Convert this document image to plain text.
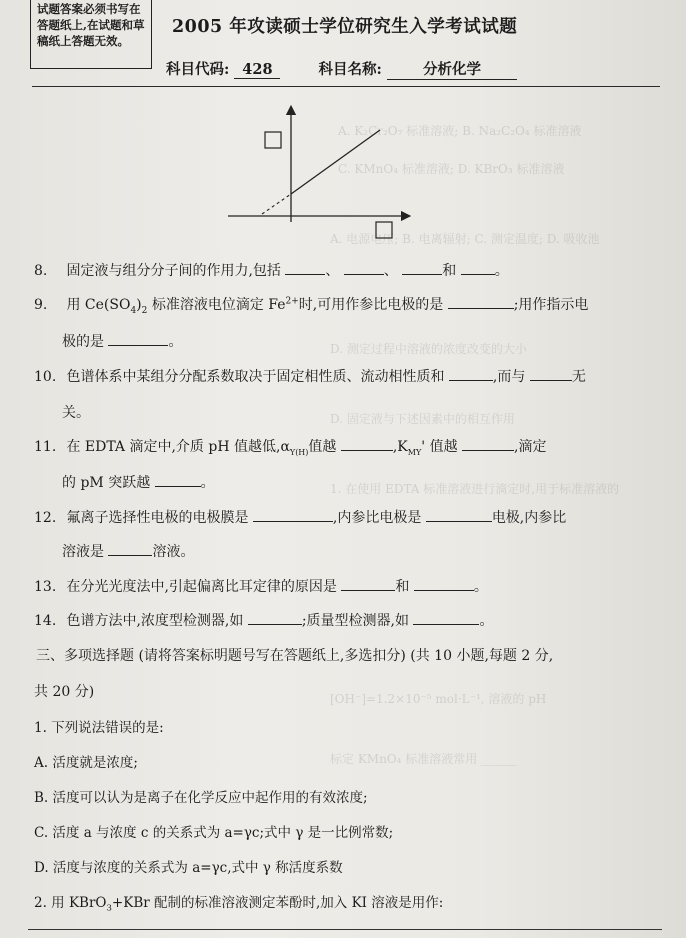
A. K₂Cr₂O₇ 标准溶液; B. Na₂C₂O₄ 标准溶液
C. KMnO₄ 标准溶液; D. KBrO₃ 标准溶液
A. 电源电压; B. 电离辐射; C. 测定温度; D. 吸收池
D. 测定过程中溶液的浓度改变的大小
D. 固定液与下述因素中的相互作用
1. 在使用 EDTA 标准溶液进行滴定时,用于标准溶液的
[OH⁻]=1.2×10⁻⁵ mol·L⁻¹, 溶液的 pH
标定 KMnO₄ 标准溶液常用 ______
试题答案必须书写在答题纸上,在试题和草稿纸上答题无效。
2005 年攻读硕士学位研究生入学考试试题
科目代码: 428	科目名称:	分析化学
8. 固定液与组分分子间的作用力,包括	、	、	和	。
9. 用 $Ce(SO_4)_2$ 标准溶液电位滴定 $Fe^{2+}$时,可用作参比电极的是	;用作指示电
极的是	。
10. 色谱体系中某组分分配系数取决于固定相性质、流动相性质和	,而与	无
关。
11. 在 EDTA 滴定中,介质 pH 值越低$,\alpha_{Y(H)}$值越	$,K_{MY}'$ 值越	,滴定
的 pM 突跃越	。
12. 氟离子选择性电极的电极膜是	,内参比电极是	电极,内参比
溶液是	溶液。
13. 在分光光度法中,引起偏离比耳定律的原因是	和	。
14. 色谱方法中,浓度型检测器,如	;质量型检测器,如	。
三、多项选择题 (请将答案标明题号写在答题纸上,多选扣分) (共 10 小题,每题 2 分,
共 20 分)
1. 下列说法错误的是:
A. 活度就是浓度;
B. 活度可以认为是离子在化学反应中起作用的有效浓度;
C. 活度 a 与浓度 c 的关系式为 a=γc;式中 γ 是一比例常数;
D. 活度与浓度的关系式为 a=γc,式中 γ 称活度系数
2. 用 KBrO$_3$+KBr 配制的标准溶液测定苯酚时,加入 KI 溶液是用作:
